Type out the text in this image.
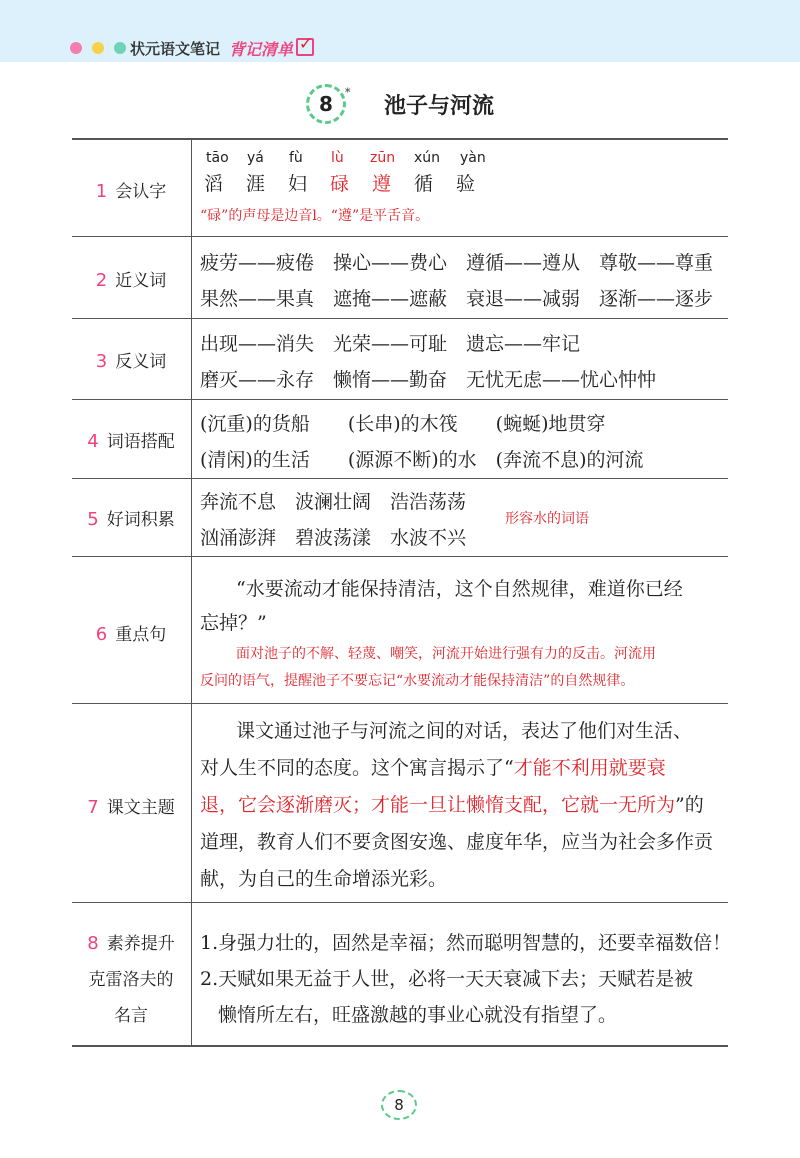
状元语文笔记 背记清单 ✓
8	*
池子与河流
1 会认字
tāo yá fù lù zūn xún yàn
滔 涯 妇 碌 遵 循 验
“碌”的声母是边音l。“遵”是平舌音。
2 近义词
疲劳——疲倦　操心——费心　遵循——遵从　尊敬——尊重
果然——果真　遮掩——遮蔽　衰退——减弱　逐渐——逐步
3 反义词
出现——消失　光荣——可耻　遗忘——牢记
磨灭——永存　懒惰——勤奋　无忧无虑——忧心忡忡
4 词语搭配
(沉重)的货船　　(长串)的木筏　　(蜿蜒)地贯穿
(清闲)的生活　　(源源不断)的水　(奔流不息)的河流
5 好词积累
奔流不息　波澜壮阔　浩浩荡荡
汹涌澎湃　碧波荡漾　水波不兴
形容水的词语
6 重点句
“水要流动才能保持清洁，这个自然规律，难道你已经
忘掉？”
面对池子的不解、轻蔑、嘲笑，河流开始进行强有力的反击。河流用
反问的语气，提醒池子不要忘记“水要流动才能保持清洁”的自然规律。
7 课文主题
课文通过池子与河流之间的对话，表达了他们对生活、
对人生不同的态度。这个寓言揭示了“才能不利用就要衰
退，它会逐渐磨灭；才能一旦让懒惰支配，它就一无所为”的
道理，教育人们不要贪图安逸、虚度年华，应当为社会多作贡
献，为自己的生命增添光彩。
8 素养提升
克雷洛夫的
名言
1.身强力壮的，固然是幸福；然而聪明智慧的，还要幸福数倍！
2.天赋如果无益于人世，必将一天天衰减下去；天赋若是被
懒惰所左右，旺盛激越的事业心就没有指望了。
8
